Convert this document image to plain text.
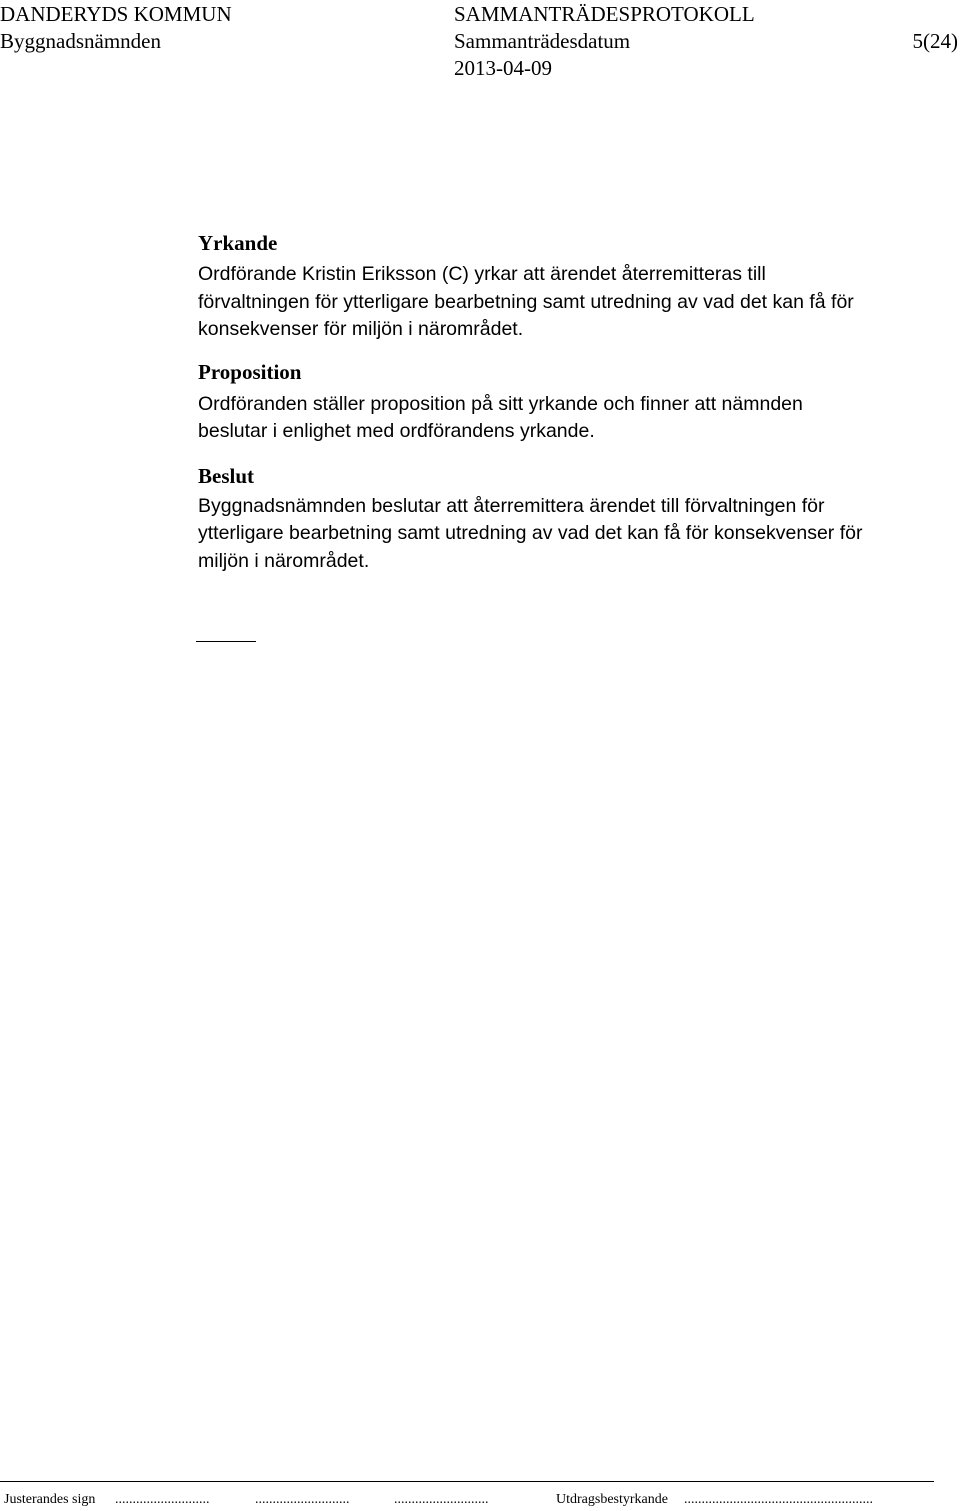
DANDERYDS KOMMUN
Byggnadsnämnden
SAMMANTRÄDESPROTOKOLL
Sammanträdesdatum
2013-04-09
5(24)
Yrkande

Ordförande Kristin Eriksson (C) yrkar att ärendet återremitteras till
förvaltningen för ytterligare bearbetning samt utredning av vad det kan få för
konsekvenser för miljön i närområdet.

Proposition

Ordföranden ställer proposition på sitt yrkande och finner att nämnden
beslutar i enlighet med ordförandens yrkande.

Beslut

Byggnadsnämnden beslutar att återremittera ärendet till förvaltningen för
ytterligare bearbetning samt utredning av vad det kan få för konsekvenser för
miljön i närområdet.

Justerandes sign ...........................	...........................	...........................	Utdragsbestyrkande ......................................................
